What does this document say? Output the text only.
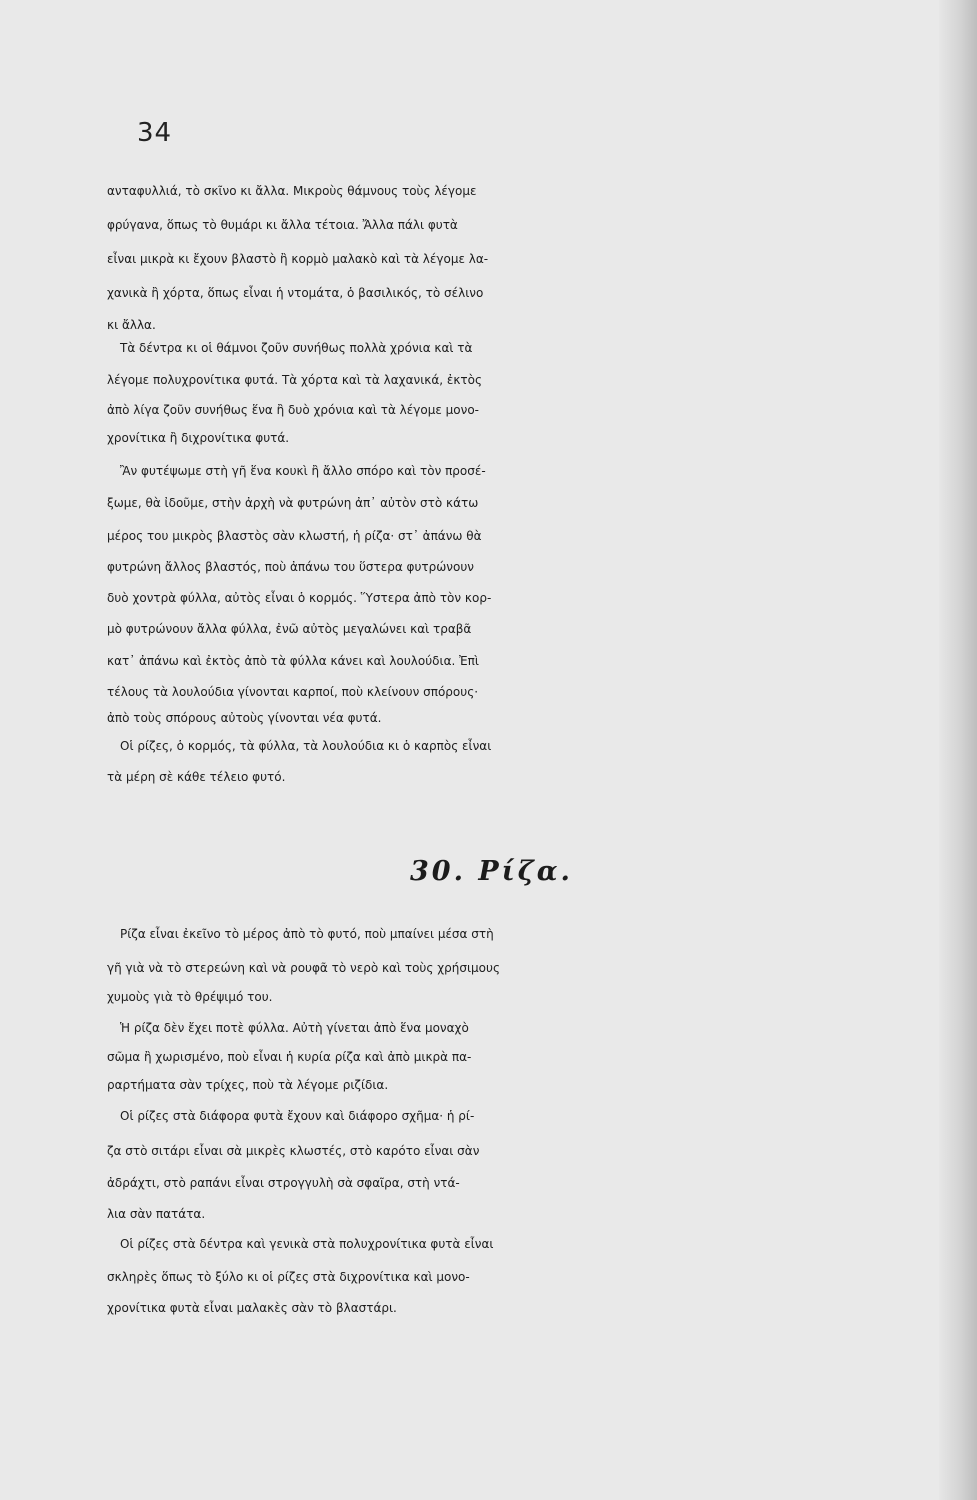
34
ανταφυλλιά, τὸ σκῖνο κι ἄλλα. Μικροὺς θάμνους τοὺς λέγομε
φρύγανα, ὅπως τὸ θυμάρι κι ἄλλα τέτοια. Ἄλλα πάλι φυτὰ
εἶναι μικρὰ κι ἔχουν βλαστὸ ἢ κορμὸ μαλακὸ καὶ τὰ λέγομε λα-
χανικὰ ἢ χόρτα, ὅπως εἶναι ἡ ντομάτα, ὁ βασιλικός, τὸ σέλινο
κι ἄλλα.
Τὰ δέντρα κι οἱ θάμνοι ζοῦν συνήθως πολλὰ χρόνια καὶ τὰ
λέγομε πολυχρονίτικα φυτά. Τὰ χόρτα καὶ τὰ λαχανικά, ἐκτὸς
ἀπὸ λίγα ζοῦν συνήθως ἕνα ἢ δυὸ χρόνια καὶ τὰ λέγομε μονο-
χρονίτικα ἢ διχρονίτικα φυτά.
Ἂν φυτέψωμε στὴ γῆ ἕνα κουκὶ ἢ ἄλλο σπόρο καὶ τὸν προσέ-
ξωμε, θὰ ἰδοῦμε, στὴν ἀρχὴ νὰ φυτρώνη ἀπ᾿ αὐτὸν στὸ κάτω
μέρος του μικρὸς βλαστὸς σὰν κλωστή, ἡ ρίζα· στ᾿ ἀπάνω θὰ
φυτρώνη ἄλλος βλαστός, ποὺ ἀπάνω του ὕστερα φυτρώνουν
δυὸ χοντρὰ φύλλα, αὐτὸς εἶναι ὁ κορμός. Ὕστερα ἀπὸ τὸν κορ-
μὸ φυτρώνουν ἄλλα φύλλα, ἐνῶ αὐτὸς μεγαλώνει καὶ τραβᾶ
κατ᾿ ἀπάνω καὶ ἐκτὸς ἀπὸ τὰ φύλλα κάνει καὶ λουλούδια. Ἐπὶ
τέλους τὰ λουλούδια γίνονται καρποί, ποὺ κλείνουν σπόρους·
ἀπὸ τοὺς σπόρους αὐτοὺς γίνονται νέα φυτά.
Οἱ ρίζες, ὁ κορμός, τὰ φύλλα, τὰ λουλούδια κι ὁ καρπὸς εἶναι
τὰ μέρη σὲ κάθε τέλειο φυτό.
30. Ρίζα.
Ρίζα εἶναι ἐκεῖνο τὸ μέρος ἀπὸ τὸ φυτό, ποὺ μπαίνει μέσα στὴ
γῆ γιὰ νὰ τὸ στερεώνη καὶ νὰ ρουφᾶ τὸ νερὸ καὶ τοὺς χρήσιμους
χυμοὺς γιὰ τὸ θρέψιμό του.
Ἡ ρίζα δὲν ἔχει ποτὲ φύλλα. Αὐτὴ γίνεται ἀπὸ ἕνα μοναχὸ
σῶμα ἢ χωρισμένο, ποὺ εἶναι ἡ κυρία ρίζα καὶ ἀπὸ μικρὰ πα-
ραρτήματα σὰν τρίχες, ποὺ τὰ λέγομε ριζίδια.
Οἱ ρίζες στὰ διάφορα φυτὰ ἔχουν καὶ διάφορο σχῆμα· ἡ ρί-
ζα στὸ σιτάρι εἶναι σὰ μικρὲς κλωστές, στὸ καρότο εἶναι σὰν
ἀδράχτι, στὸ ραπάνι εἶναι στρογγυλὴ σὰ σφαῖρα, στὴ ντά-
λια σὰν πατάτα.
Οἱ ρίζες στὰ δέντρα καὶ γενικὰ στὰ πολυχρονίτικα φυτὰ εἶναι
σκληρὲς ὅπως τὸ ξύλο κι οἱ ρίζες στὰ διχρονίτικα καὶ μονο-
χρονίτικα φυτὰ εἶναι μαλακὲς σὰν τὸ βλαστάρι.
